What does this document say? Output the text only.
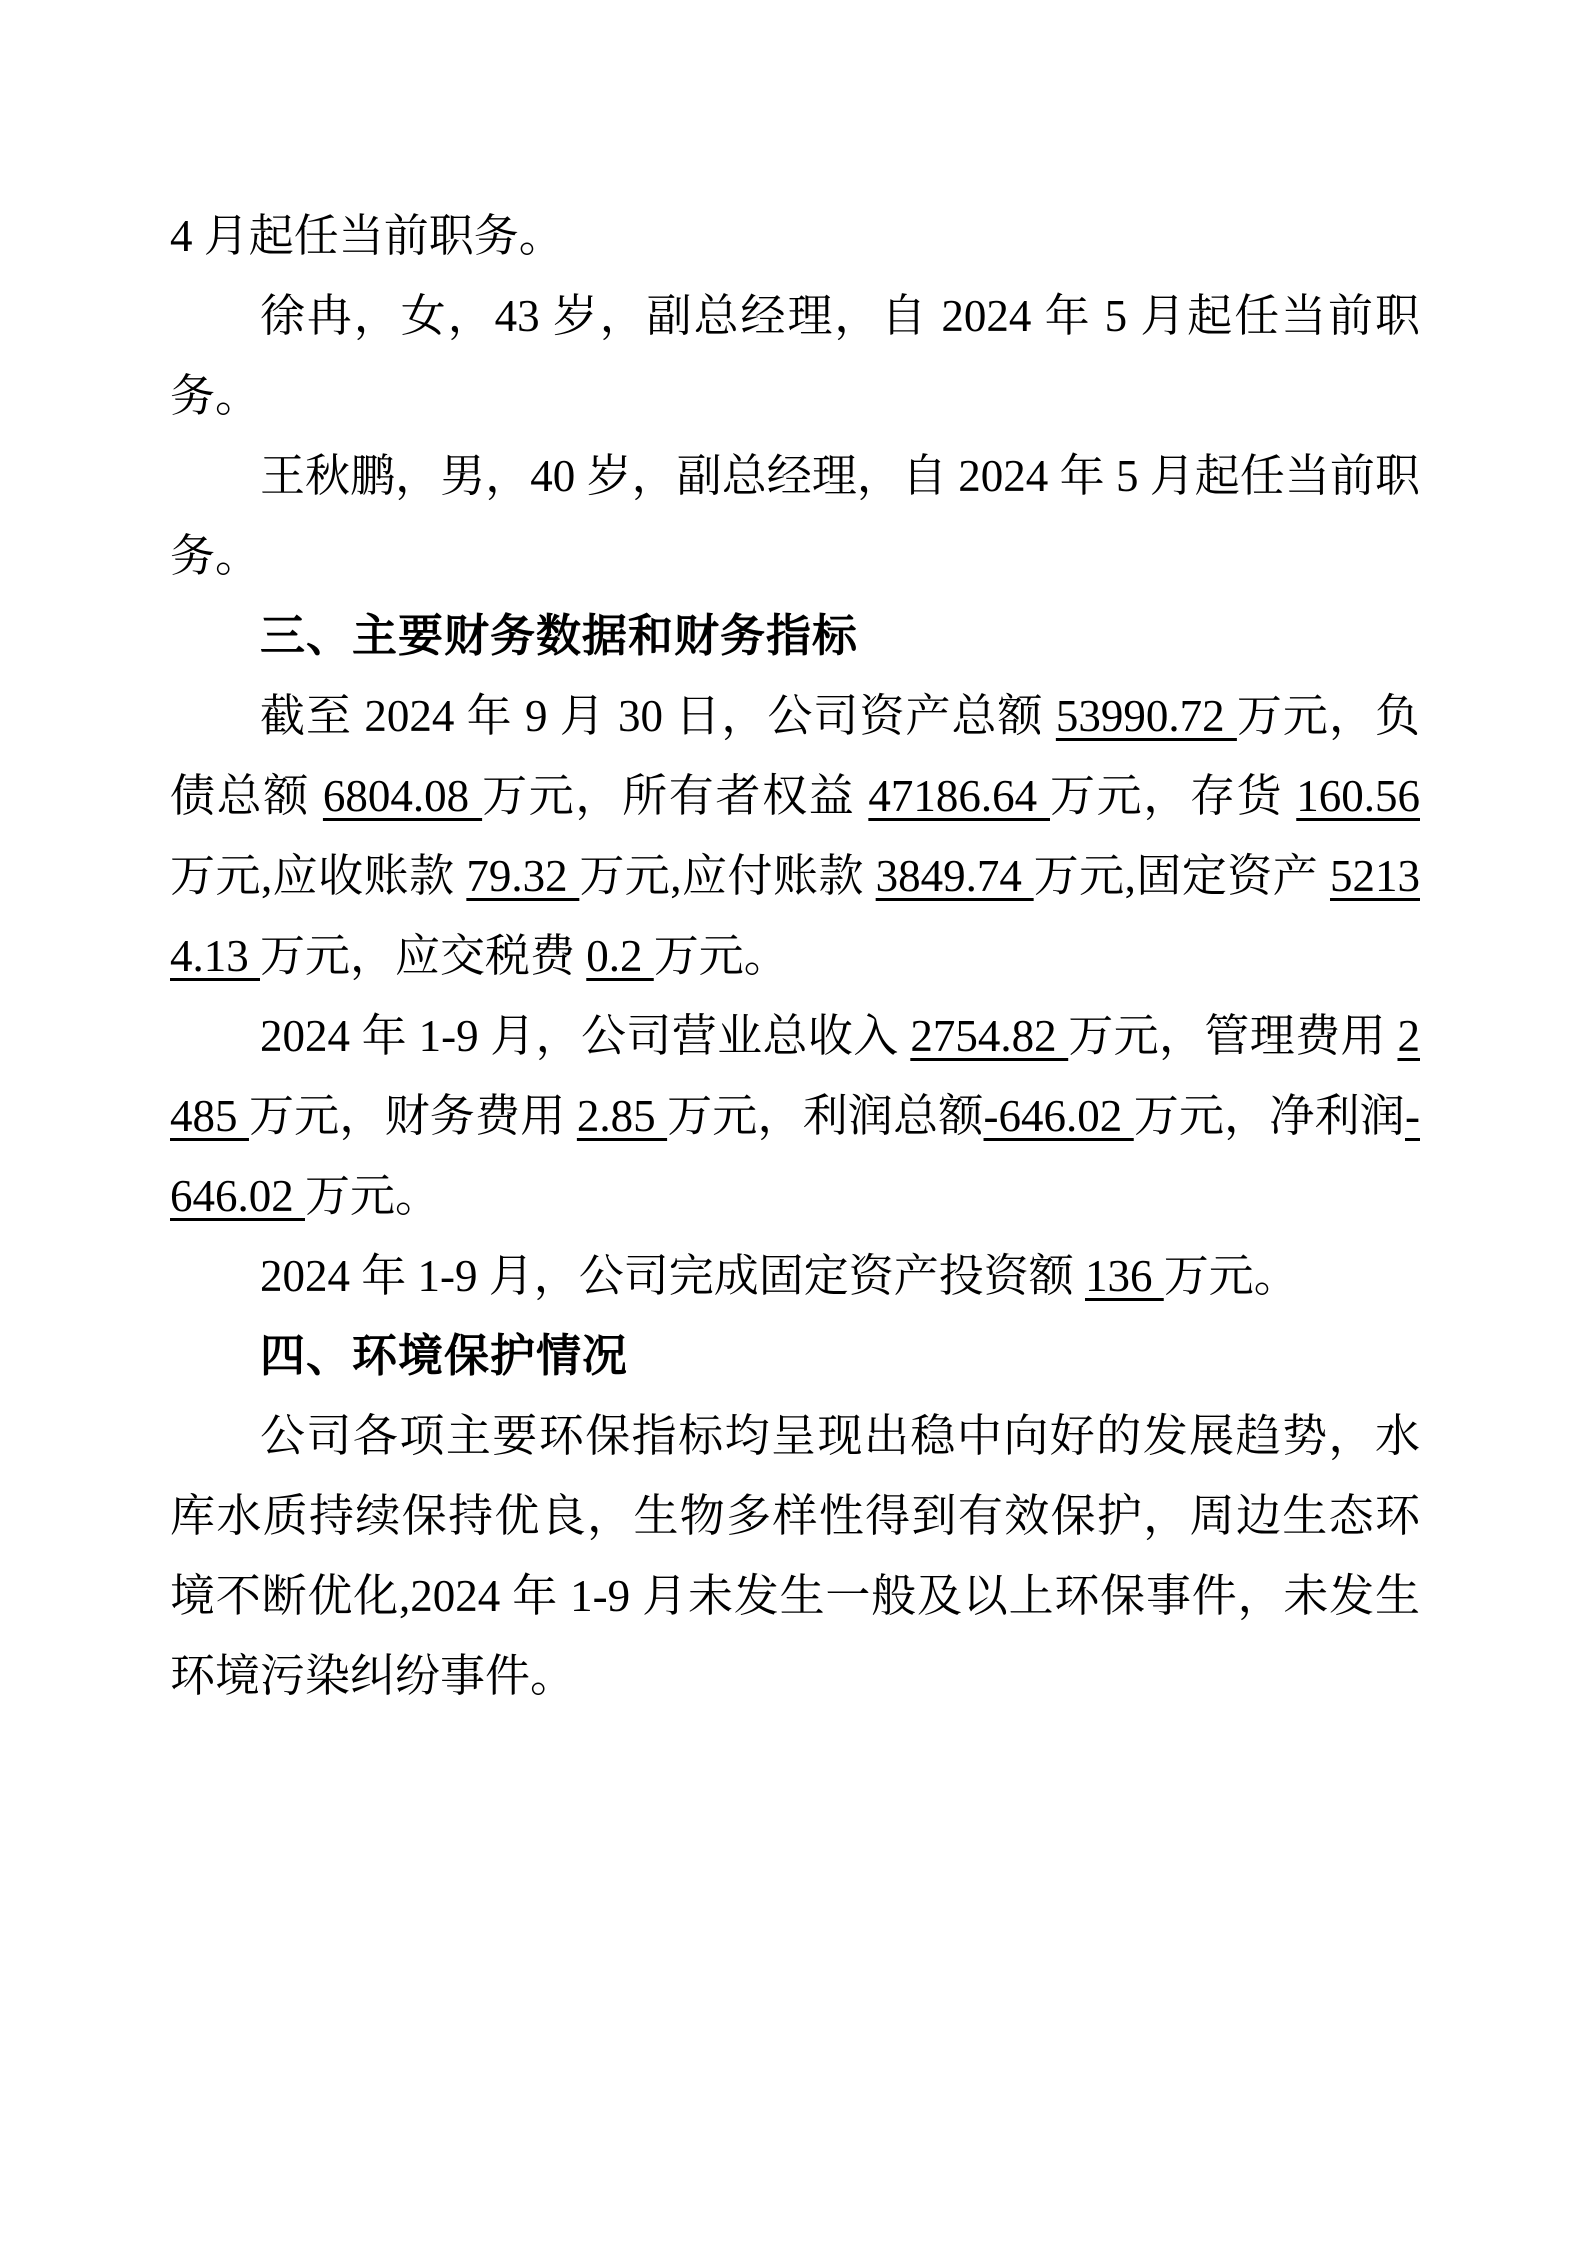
4 月起任当前职务。

徐冉，女，43 岁，副总经理，自 2024 年 5 月起任当前职务。

王秋鹏，男，40 岁，副总经理，自 2024 年 5 月起任当前职务。

三、主要财务数据和财务指标

截至 2024 年 9 月 30 日，公司资产总额 53990.72 万元，负债总额 6804.08 万元，所有者权益 47186.64 万元，存货 160.56 万元,应收账款 79.32 万元,应付账款 3849.74 万元,固定资产 52134.13 万元，应交税费 0.2 万元。

2024 年 1-9 月，公司营业总收入 2754.82 万元，管理费用 2485 万元，财务费用 2.85 万元，利润总额-646.02 万元，净利润-646.02 万元。

2024 年 1-9 月，公司完成固定资产投资额 136 万元。

四、环境保护情况

公司各项主要环保指标均呈现出稳中向好的发展趋势，水库水质持续保持优良，生物多样性得到有效保护，周边生态环境不断优化,2024 年 1-9 月未发生一般及以上环保事件，未发生环境污染纠纷事件。
